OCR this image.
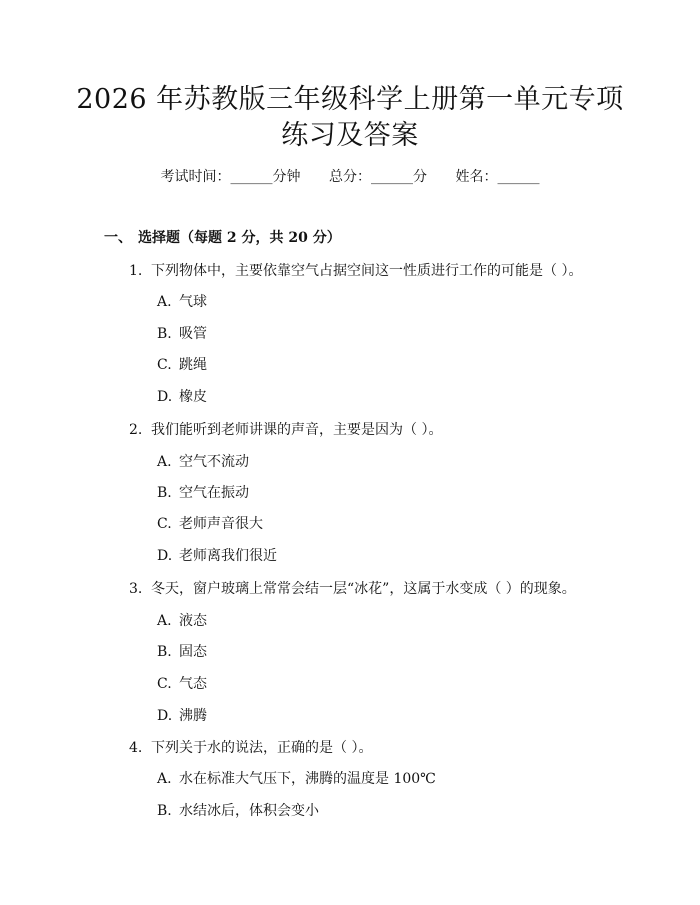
2026 年苏教版三年级科学上册第一单元专项
练习及答案
考试时间：______分钟 总分：______分 姓名：______
一、 选择题（每题 2 分，共 20 分）
1. 下列物体中，主要依靠空气占据空间这一性质进行工作的可能是（ ）。
A. 气球
B. 吸管
C. 跳绳
D. 橡皮
2. 我们能听到老师讲课的声音，主要是因为（ ）。
A. 空气不流动
B. 空气在振动
C. 老师声音很大
D. 老师离我们很近
3. 冬天，窗户玻璃上常常会结一层“冰花”，这属于水变成（ ）的现象。
A. 液态
B. 固态
C. 气态
D. 沸腾
4. 下列关于水的说法，正确的是（ ）。
A. 水在标准大气压下，沸腾的温度是 100℃
B. 水结冰后，体积会变小
